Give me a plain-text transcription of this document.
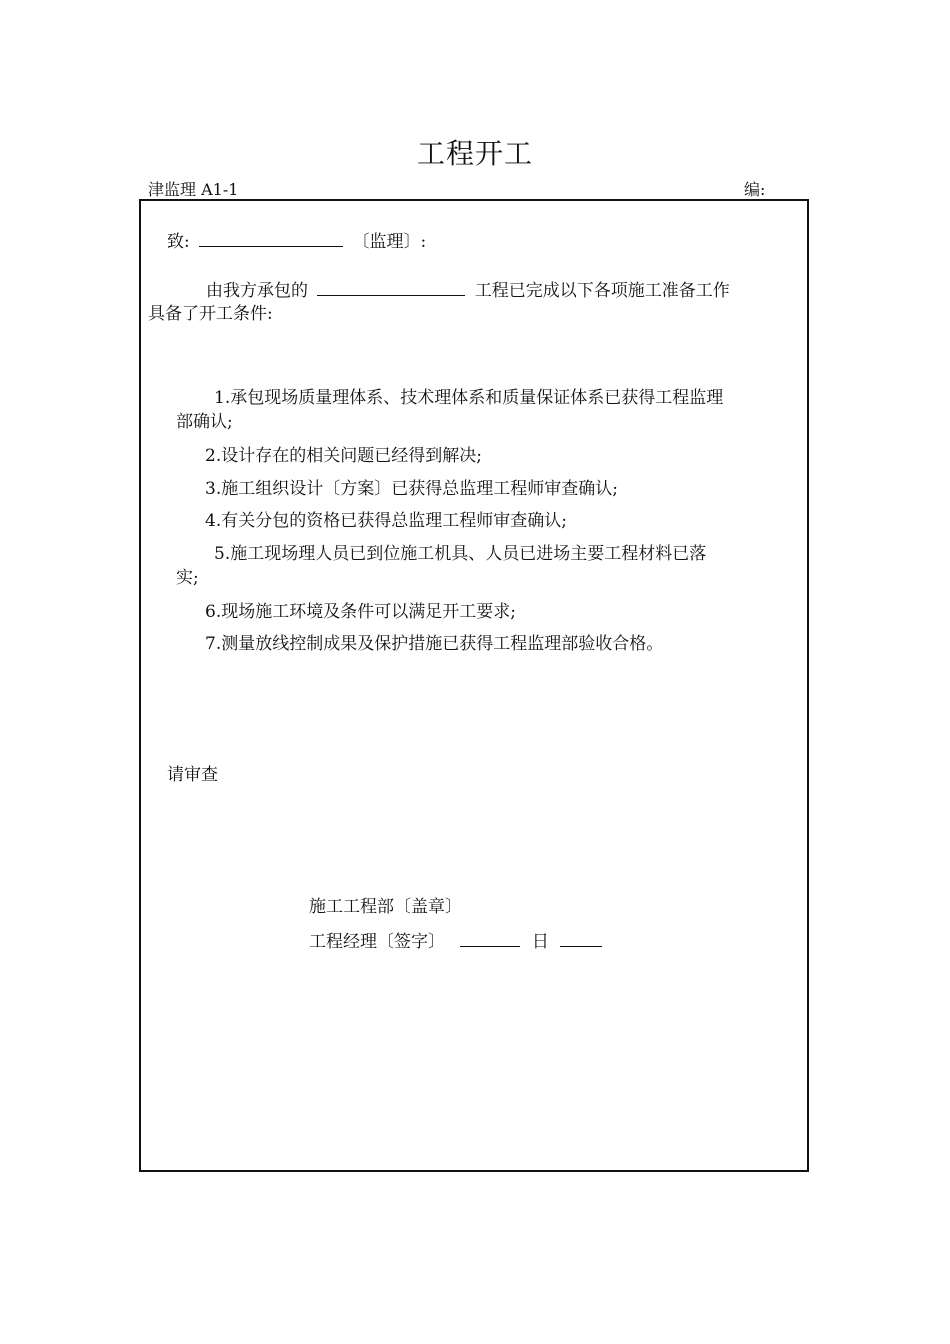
工程开工
津监理 A1-1	编:
致:	〔监理〕:
由我方承包的	工程已完成以下各项施工准备工作
具备了开工条件:
1.承包现场质量理体系、技术理体系和质量保证体系已获得工程监理
部确认;
2.设计存在的相关问题已经得到解决;
3.施工组织设计〔方案〕已获得总监理工程师审查确认;
4.有关分包的资格已获得总监理工程师审查确认;
5.施工现场理人员已到位施工机具、人员已进场主要工程材料已落
实;
6.现场施工环境及条件可以满足开工要求;
7.测量放线控制成果及保护措施已获得工程监理部验收合格。
请审查
施工工程部〔盖章〕
工程经理〔签字〕	日
